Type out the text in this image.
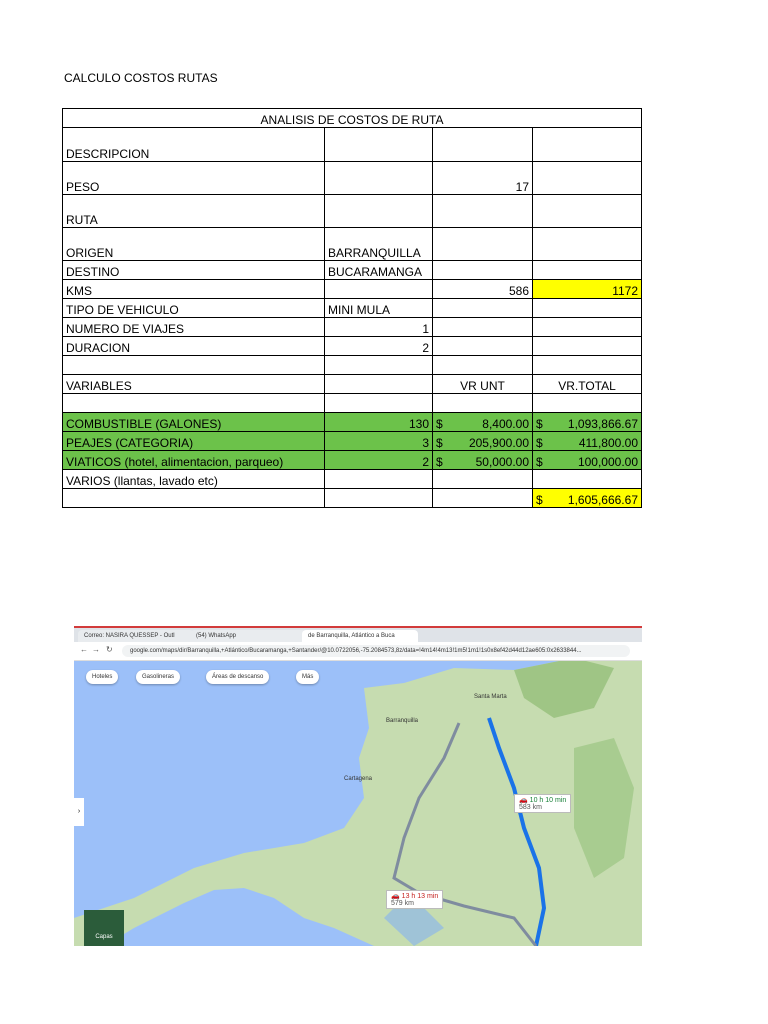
CALCULO COSTOS RUTAS
ANALISIS DE COSTOS DE RUTA			
DESCRIPCION			
PESO		17	
RUTA			
ORIGEN	BARRANQUILLA		
DESTINO	BUCARAMANGA		
KMS		586	1172
TIPO DE VEHICULO	MINI MULA		
NUMERO DE VIAJES	1		
DURACION	2		

VARIABLES		VR UNT	VR.TOTAL

COMBUSTIBLE (GALONES)	130	$ 8,400.00	$ 1,093,866.67

PEAJES (CATEGORIA)	3	$ 205,900.00	$ 411,800.00

VIATICOS (hotel, alimentacion, parqueo)	2	$ 50,000.00	$ 100,000.00

VARIOS (llantas, lavado etc)			

			$ 1,605,666.67
Correo: NASIRA QUESSEP - Outl	(54) WhatsApp	de Barranquilla, Atlántico a Buca
← → ↻	google.com/maps/dir/Barranquilla,+Atlántico/Bucaramanga,+Santander/@10.0722056,-75.2084573,8z/data=!4m14!4m13!1m5!1m1!1s0x8ef42d44d12ae605:0x2633844...
Hoteles	Gasolineras	Áreas de descanso	Más
Barranquilla
Santa Marta
Cartagena
🚗 10 h 10 min
583 km
🚗 13 h 13 min
579 km
›
Capas
